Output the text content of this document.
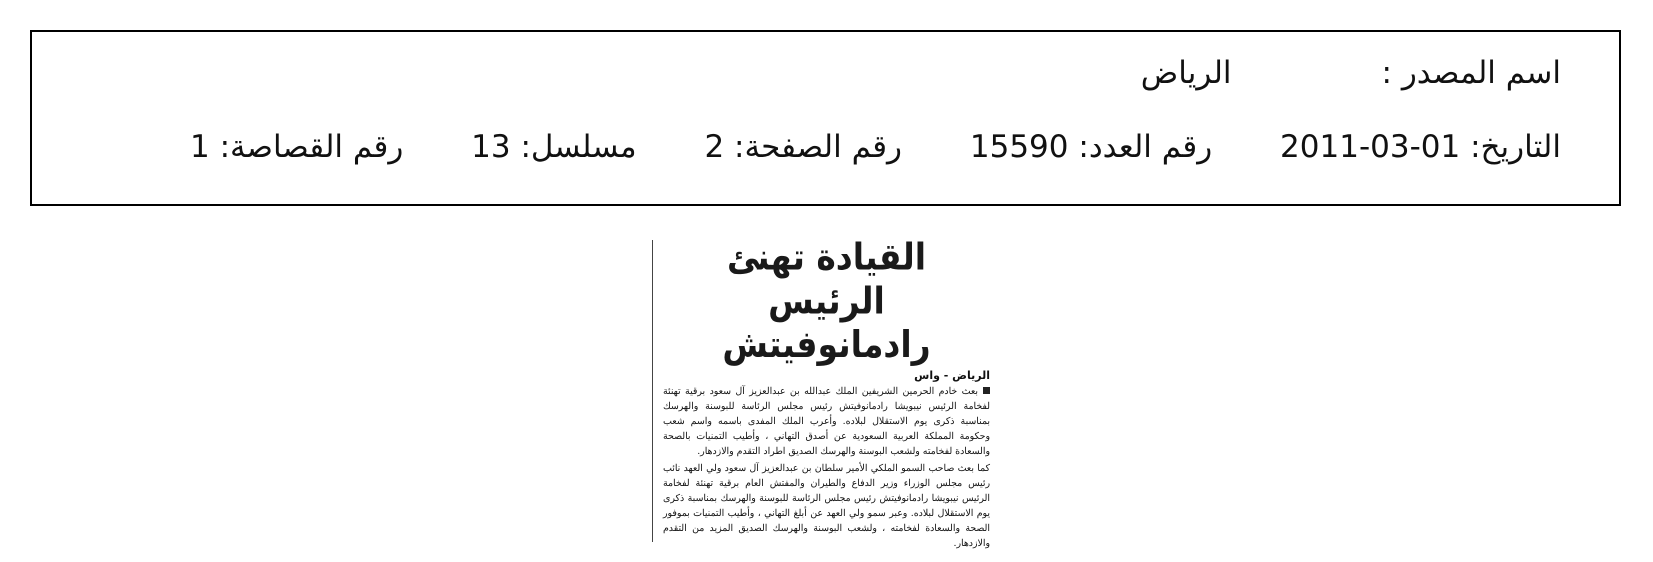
اسم المصدر :الرياض
التاريخ: 2011-03-01 رقم العدد: 15590 رقم الصفحة: 2 مسلسل: 13 رقم القصاصة: 1
القيادة تهنئ الرئيس رادمانوفيتش
الرياض - واس

بعث خادم الحرمين الشريفين الملك عبدالله بن عبدالعزيز آل سعود برقية تهنئة لفخامة الرئيس نيبويشا رادمانوفيتش رئيس مجلس الرئاسة للبوسنة والهرسك بمناسبة ذكرى يوم الاستقلال لبلاده. وأعرب الملك المفدى باسمه واسم شعب وحكومة المملكة العربية السعودية عن أصدق التهاني ، وأطيب التمنيات بالصحة والسعادة لفخامته ولشعب البوسنة والهرسك الصديق اطراد التقدم والازدهار.

كما بعث صاحب السمو الملكي الأمير سلطان بن عبدالعزيز آل سعود ولي العهد نائب رئيس مجلس الوزراء وزير الدفاع والطيران والمفتش العام برقية تهنئة لفخامة الرئيس نيبويشا رادمانوفيتش رئيس مجلس الرئاسة للبوسنة والهرسك بمناسبة ذكرى يوم الاستقلال لبلاده. وعبر سمو ولي العهد عن أبلغ التهاني ، وأطيب التمنيات بموفور الصحة والسعادة لفخامته ، ولشعب البوسنة والهرسك الصديق المزيد من التقدم والازدهار.
